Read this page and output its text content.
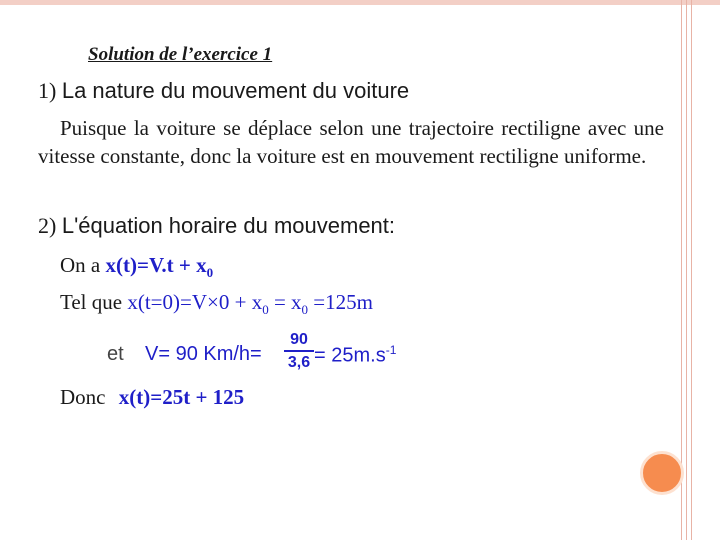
Solution de l’exercice 1
1) La nature du mouvement du voiture
Puisque la voiture se déplace selon une trajectoire rectiligne avec une vitesse constante, donc la voiture est en mouvement rectiligne uniforme.
2) L'équation horaire du mouvement:
On a $x(t)=V.t + x_0$
Tel que $x(t=0)=V\times 0 + x_0 = x_0 =125m$
et V= 90 Km/h=
90
$3,6 = 25m.s^{-1}$
Donc x(t)=25t + 125
